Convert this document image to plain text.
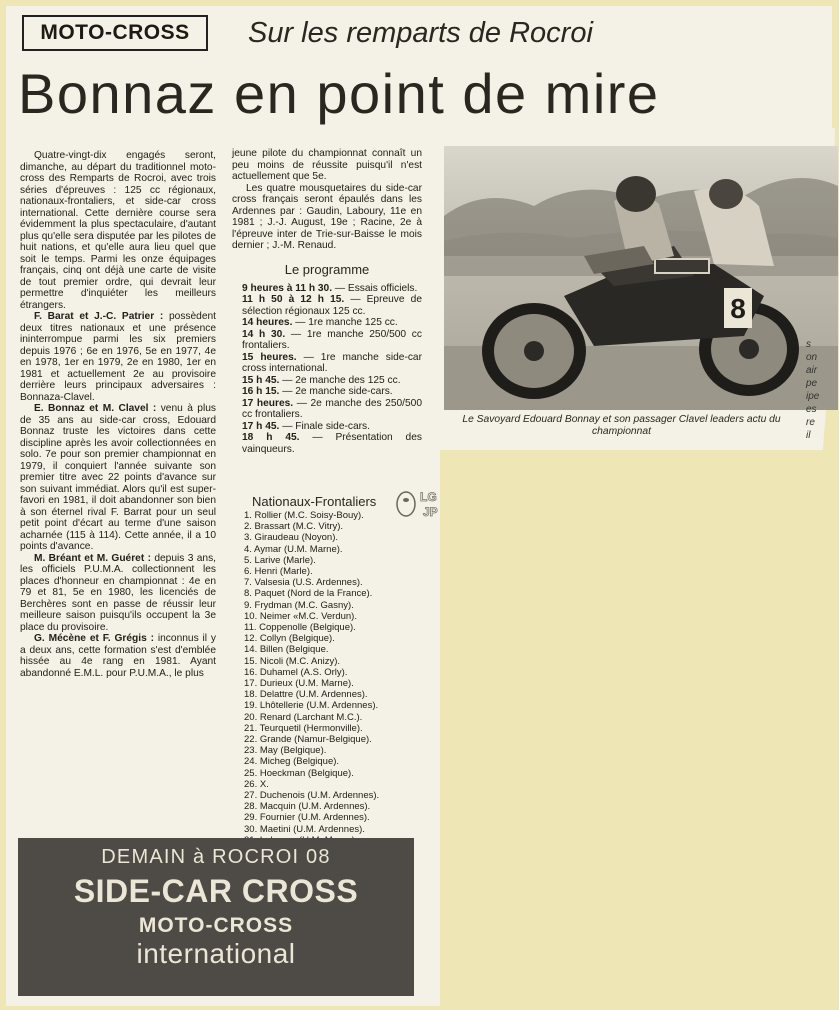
MOTO-CROSS	Sur les remparts de Rocroi
Bonnaz en point de mire

Quatre-vingt-dix engagés seront, dimanche, au départ du traditionnel moto-cross des Remparts de Rocroi, avec trois séries d'épreuves : 125 cc régionaux, nationaux-frontaliers, et side-car cross international. Cette dernière course sera évidemment la plus spectaculaire, d'autant plus qu'elle sera disputée par les pilotes de huit nations, et qu'elle aura lieu quel que soit le temps. Parmi les onze équipages français, cinq ont déjà une carte de visite de tout premier ordre, qui devrait leur permettre d'inquiéter les meilleurs étrangers.

F. Barat et J.-C. Patrier : possèdent deux titres nationaux et une présence ininterrompue parmi les six premiers depuis 1976 ; 6e en 1976, 5e en 1977, 4e en 1978, 1er en 1979, 2e en 1980, 1er en 1981 et actuellement 2e au provisoire derrière leurs principaux adversaires : Bonnaza-Clavel.

E. Bonnaz et M. Clavel : venu à plus de 35 ans au side-car cross, Edouard Bonnaz truste les victoires dans cette discipline après les avoir collectionnées en solo. 7e pour son premier championnat en 1979, il conquiert l'année suivante son premier titre avec 22 points d'avance sur son suivant immédiat. Alors qu'il est super-favori en 1981, il doit abandonner son bien à son éternel rival F. Barrat pour un seul petit point d'écart au terme d'une saison acharnée (115 à 114). Cette année, il a 10 points d'avance.

M. Bréant et M. Guéret : depuis 3 ans, les officiels P.U.M.A. collectionnent les places d'honneur en championnat : 4e en 79 et 81, 5e en 1980, les licenciés de Berchères sont en passe de réussir leur meilleure saison puisqu'ils occupent la 3e place du provisoire.

G. Mécène et F. Grégis : inconnus il y a deux ans, cette formation s'est d'emblée hissée au 4e rang en 1981. Ayant abandonné E.M.L. pour P.U.M.A., le plus

jeune pilote du championnat connaît un peu moins de réussite puisqu'il n'est actuellement que 5e.

Les quatre mousquetaires du side-car cross français seront épaulés dans les Ardennes par : Gaudin, Laboury, 11e en 1981 ; J.-J. August, 19e ; Racine, 2e à l'épreuve inter de Trie-sur-Baisse le mois dernier ; J.-M. Renaud.

Le programme

9 heures à 11 h 30. — Essais officiels.

11 h 50 à 12 h 15. — Epreuve de sélection régionaux 125 cc.

14 heures. — 1re manche 125 cc.

14 h 30. — 1re manche 250/500 cc frontaliers.

15 heures. — 1re manche side-car cross international.

15 h 45. — 2e manche des 125 cc.

16 h 15. — 2e manche side-cars.

17 heures. — 2e manche des 250/500 cc frontaliers.

17 h 45. — Finale side-cars.

18 h 45. — Présentation des vainqueurs.

8
Le Savoyard Edouard Bonnay et son passager Clavel leaders actu du championnat
s
on
air
pe
ipe
es
re
il
Nationaux-Frontaliers
1. Rollier (M.C. Soisy-Bouy).
2. Brassart (M.C. Vitry).
3. Giraudeau (Noyon).
4. Aymar (U.M. Marne).
5. Larive (Marle).
6. Henri (Marle).
7. Valsesia (U.S. Ardennes).
8. Paquet (Nord de la France).
9. Frydman (M.C. Gasny).
10. Neimer «M.C. Verdun).
11. Coppenolle (Belgique).
12. Collyn (Belgique).
14. Billen (Belgique.
15. Nicoli (M.C. Anizy).
16. Duhamel (A.S. Orly).
17. Durieux (U.M. Marne).
18. Delattre (U.M. Ardennes).
19. Lhôtellerie (U.M. Ardennes).
20. Renard (Larchant M.C.).
21. Teurquetil (Hermonville).
22. Grande (Namur-Belgique).
23. May (Belgique).
24. Micheg (Belgique).
25. Hoeckman (Belgique).
26. X.
27. Duchenois (U.M. Ardennes).
28. Macquin (U.M. Ardennes).
29. Fournier (U.M. Ardennes).
30. Maetini (U.M. Ardennes).
LG
JP
DEMAIN à ROCROI 08
SIDE-CAR CROSS
MOTO-CROSS
international
